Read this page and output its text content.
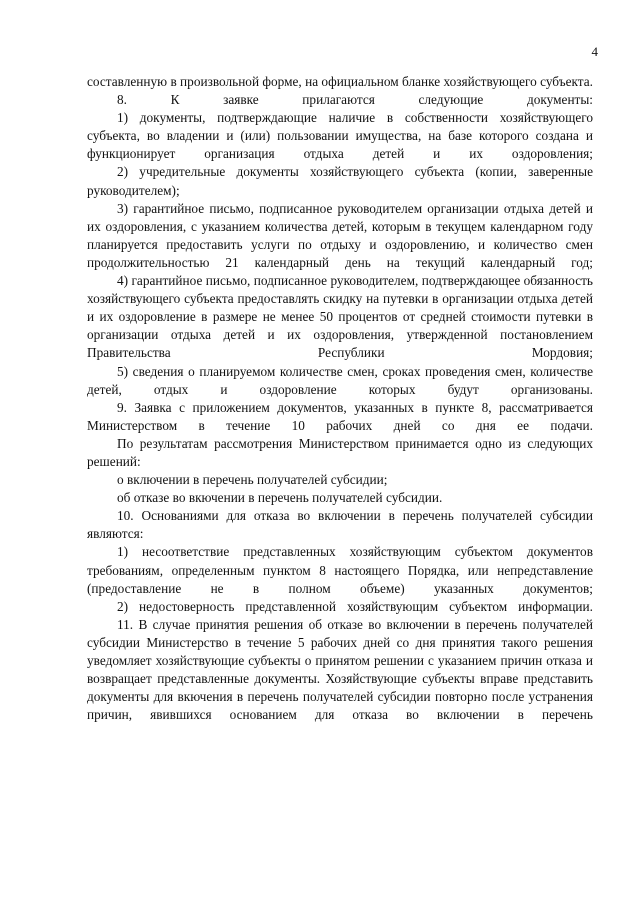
4

составленную в произвольной форме, на официальном бланке хозяйствующего субъекта.

8. К заявке прилагаются следующие документы:

1) документы, подтверждающие наличие в собственности хозяйствующего субъекта, во владении и (или) пользовании имущества, на базе которого создана и функционирует организация отдыха детей и их оздоровления;

2) учредительные документы хозяйствующего субъекта (копии, заверенные руководителем);

3) гарантийное письмо, подписанное руководителем организации отдыха детей и их оздоровления, с указанием количества детей, которым в текущем календарном году планируется предоставить услуги по отдыху и оздоровлению, и количество смен продолжительностью 21 календарный день на текущий календарный год;

4) гарантийное письмо, подписанное руководителем, подтверждающее обязанность хозяйствующего субъекта предоставлять скидку на путевки в организации отдыха детей и их оздоровление в размере не менее 50 процентов от средней стоимости путевки в организации отдыха детей и их оздоровления, утвержденной постановлением Правительства Республики Мордовия;

5) сведения о планируемом количестве смен, сроках проведения смен, количестве детей, отдых и оздоровление которых будут организованы.

9. Заявка с приложением документов, указанных в пункте 8, рассматривается Министерством в течение 10 рабочих дней со дня ее подачи.

По результатам рассмотрения Министерством принимается одно из следующих решений:

о включении в перечень получателей субсидии;

об отказе во вкючении в перечень получателей субсидии.

10. Основаниями для отказа во включении в перечень получателей субсидии являются:

1) несоответствие представленных хозяйствующим субъектом документов требованиям, определенным пунктом 8 настоящего Порядка, или непредставление (предоставление не в полном объеме) указанных документов;

2) недостоверность представленной хозяйствующим субъектом информации.

11. В случае принятия решения об отказе во включении в перечень получателей субсидии Министерство в течение 5 рабочих дней со дня принятия такого решения уведомляет хозяйствующие субъекты о принятом решении с указанием причин отказа и возвращает представленные документы. Хозяйствующие субъекты вправе представить документы для вкючения в перечень получателей субсидии повторно после устранения причин, явившихся основанием для отказа во включении в перечень
